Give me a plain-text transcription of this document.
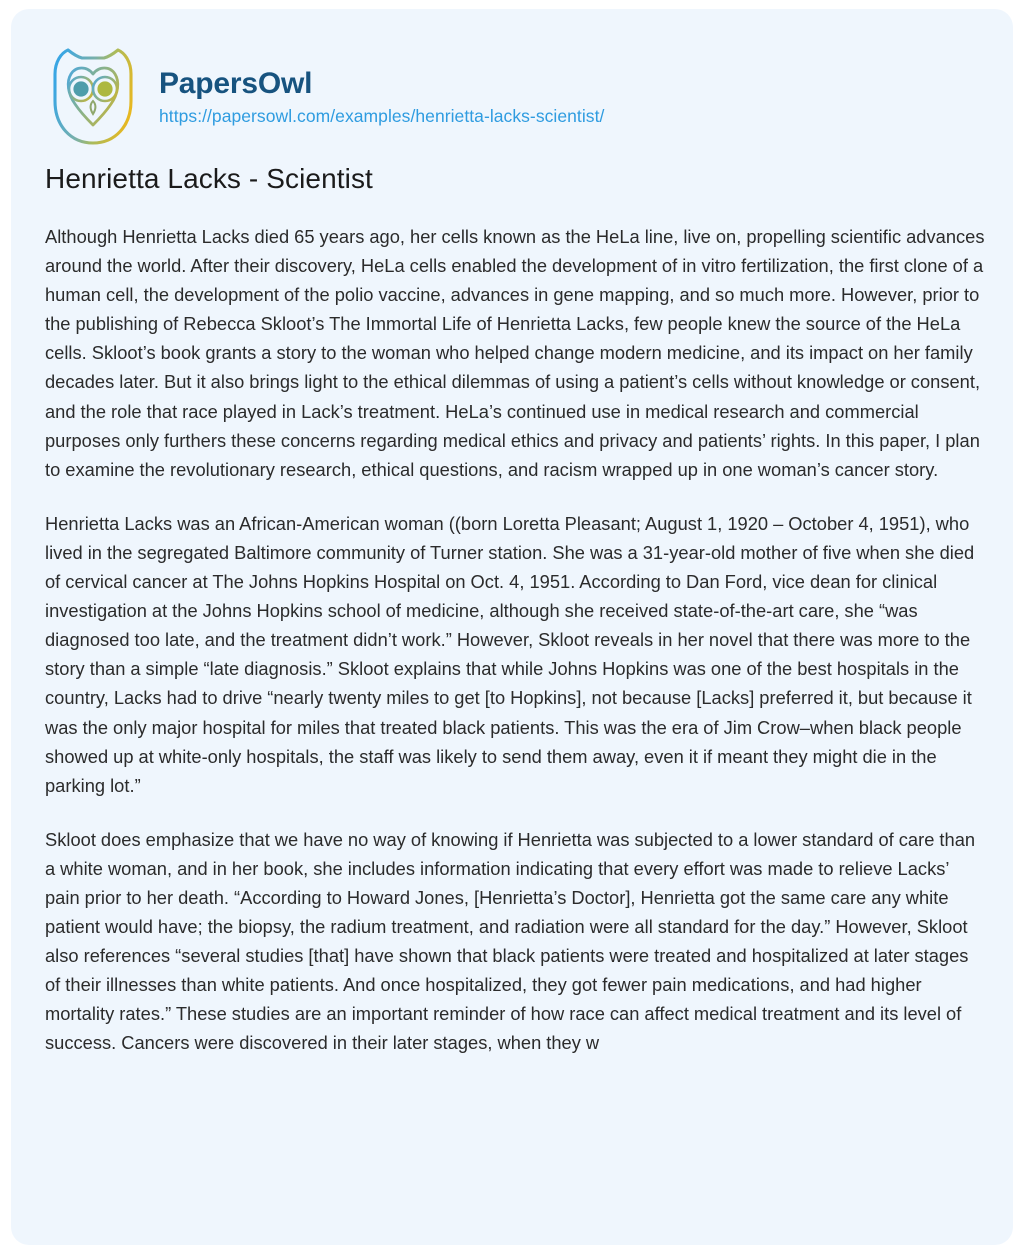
PapersOwl
https://papersowl.com/examples/henrietta-lacks-scientist/
Henrietta Lacks - Scientist

Although Henrietta Lacks died 65 years ago, her cells known as the HeLa line, live on, propelling scientific advances around the world. After their discovery, HeLa cells enabled the development of in vitro fertilization, the first clone of a human cell, the development of the polio vaccine, advances in gene mapping, and so much more. However, prior to the publishing of Rebecca Skloot’s The Immortal Life of Henrietta Lacks, few people knew the source of the HeLa cells. Skloot’s book grants a story to the woman who helped change modern medicine, and its impact on her family decades later. But it also brings light to the ethical dilemmas of using a patient’s cells without knowledge or consent, and the role that race played in Lack’s treatment. HeLa’s continued use in medical research and commercial purposes only furthers these concerns regarding medical ethics and privacy and patients’ rights. In this paper, I plan to examine the revolutionary research, ethical questions, and racism wrapped up in one woman’s cancer story.

Henrietta Lacks was an African-American woman ((born Loretta Pleasant; August 1, 1920 – October 4, 1951), who lived in the segregated Baltimore community of Turner station. She was a 31-year-old mother of five when she died of cervical cancer at The Johns Hopkins Hospital on Oct. 4, 1951. According to Dan Ford, vice dean for clinical investigation at the Johns Hopkins school of medicine, although she received state-of-the-art care, she “was diagnosed too late, and the treatment didn’t work.” However, Skloot reveals in her novel that there was more to the story than a simple “late diagnosis.” Skloot explains that while Johns Hopkins was one of the best hospitals in the country, Lacks had to drive “nearly twenty miles to get [to Hopkins], not because [Lacks] preferred it, but because it was the only major hospital for miles that treated black patients. This was the era of Jim Crow–when black people showed up at white-only hospitals, the staff was likely to send them away, even it if meant they might die in the parking lot.”

Skloot does emphasize that we have no way of knowing if Henrietta was subjected to a lower standard of care than a white woman, and in her book, she includes information indicating that every effort was made to relieve Lacks’ pain prior to her death. “According to Howard Jones, [Henrietta’s Doctor], Henrietta got the same care any white patient would have; the biopsy, the radium treatment, and radiation were all standard for the day.” However, Skloot also references “several studies [that] have shown that black patients were treated and hospitalized at later stages of their illnesses than white patients. And once hospitalized, they got fewer pain medications, and had higher mortality rates.” These studies are an important reminder of how race can affect medical treatment and its level of success. Cancers were discovered in their later stages, when they w
